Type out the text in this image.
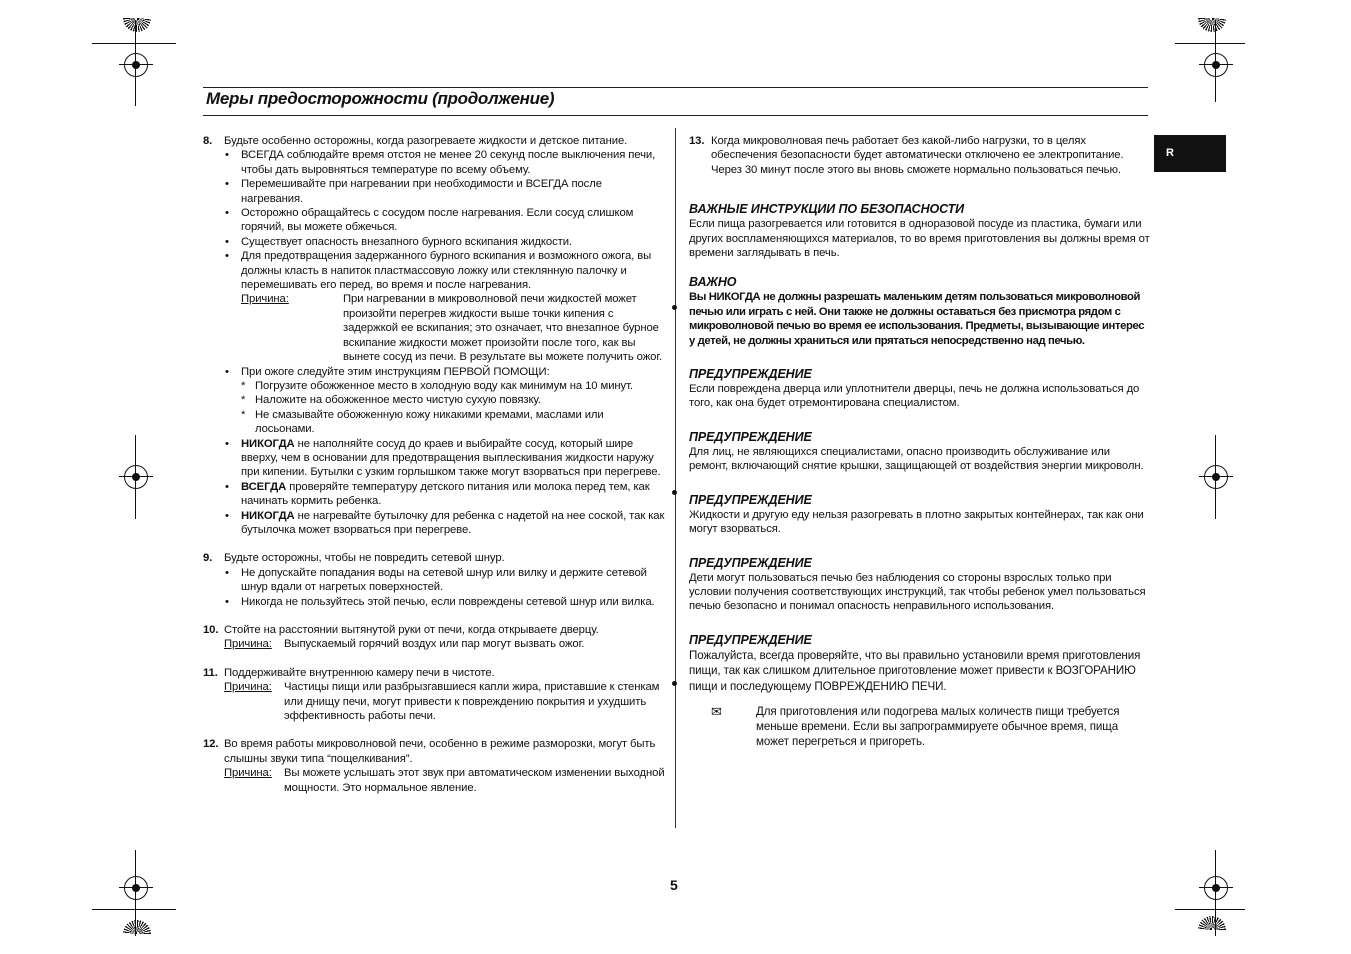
Меры предосторожности (продолжение)
R
8. Будьте особенно осторожны, когда разогреваете жидкости и детское питание.
• ВСЕГДА соблюдайте время отстоя не менее 20 секунд после выключения печи, чтобы дать выровняться температуре по всему объему.
• Перемешивайте при нагревании при необходимости и ВСЕГДА после нагревания.
• Осторожно обращайтесь с сосудом после нагревания. Если сосуд слишком горячий, вы можете обжечься.
• Существует опасность внезапного бурного вскипания жидкости.
• Для предотвращения задержанного бурного вскипания и возможного ожога, вы должны класть в напиток пластмассовую ложку или стеклянную палочку и перемешивать его перед, во время и после нагревания.
Причина:	При нагревании в микроволновой печи жидкостей может произойти перегрев жидкости выше точки кипения с задержкой ее вскипания; это означает, что внезапное бурное вскипание жидкости может произойти после того, как вы вынете сосуд из печи. В результате вы можете получить ожог.
• При ожоге следуйте этим инструкциям ПЕРВОЙ ПОМОЩИ:
* Погрузите обожженное место в холодную воду как минимум на 10 минут.
* Наложите на обожженное место чистую сухую повязку.
* Не смазывайте обожженную кожу никакими кремами, маслами или лосьонами.
• НИКОГДА не наполняйте сосуд до краев и выбирайте сосуд, который шире вверху, чем в основании для предотвращения выплескивания жидкости наружу при кипении. Бутылки с узким горлышком также могут взорваться при перегреве.
• ВСЕГДА проверяйте температуру детского питания или молока перед тем, как начинать кормить ребенка.
• НИКОГДА не нагревайте бутылочку для ребенка с надетой на нее соской, так как бутылочка может взорваться при перегреве.
9. Будьте осторожны, чтобы не повредить сетевой шнур.
• Не допускайте попадания воды на сетевой шнур или вилку и держите сетевой шнур вдали от нагретых поверхностей.
• Никогда не пользуйтесь этой печью, если повреждены сетевой шнур или вилка.
10. Стойте на расстоянии вытянутой руки от печи, когда открываете дверцу.
Причина: Выпускаемый горячий воздух или пар могут вызвать ожог.
11. Поддерживайте внутреннюю камеру печи в чистоте.
Причина: Частицы пищи или разбрызгавшиеся капли жира, приставшие к стенкам или днищу печи, могут привести к повреждению покрытия и ухудшить эффективность работы печи.
12. Во время работы микроволновой печи, особенно в режиме разморозки, могут быть слышны звуки типа “пощелкивания”.
Причина: Вы можете услышать этот звук при автоматическом изменении выходной мощности. Это нормальное явление.
13. Когда микроволновая печь работает без какой-либо нагрузки, то в целях обеспечения безопасности будет автоматически отключено ее электропитание. Через 30 минут после этого вы вновь сможете нормально пользоваться печью.
ВАЖНЫЕ ИНСТРУКЦИИ ПО БЕЗОПАСНОСТИ
Если пища разогревается или готовится в одноразовой посуде из пластика, бумаги или других воспламеняющихся материалов, то во время приготовления вы должны время от времени заглядывать в печь.
ВАЖНО
Вы НИКОГДА не должны разрешать маленьким детям пользоваться микроволновой печью или играть с ней. Они также не должны оставаться без присмотра рядом с микроволновой печью во время ее использования. Предметы, вызывающие интерес у детей, не должны храниться или прятаться непосредственно над печью.
ПРЕДУПРЕЖДЕНИЕ
Если повреждена дверца или уплотнители дверцы, печь не должна использоваться до того, как она будет отремонтирована специалистом.
ПРЕДУПРЕЖДЕНИЕ
Для лиц, не являющихся специалистами, опасно производить обслуживание или ремонт, включающий снятие крышки, защищающей от воздействия энергии микроволн.
ПРЕДУПРЕЖДЕНИЕ
Жидкости и другую еду нельзя разогревать в плотно закрытых контейнерах, так как они могут взорваться.
ПРЕДУПРЕЖДЕНИЕ
Дети могут пользоваться печью без наблюдения со стороны взрослых только при условии получения соответствующих инструкций, так чтобы ребенок умел пользоваться печью безопасно и понимал опасность неправильного использования.
ПРЕДУПРЕЖДЕНИЕ
Пожалуйста, всегда проверяйте, что вы правильно установили время приготовления пищи, так как слишком длительное приготовление может привести к ВОЗГОРАНИЮ пищи и последующему ПОВРЕЖДЕНИЮ ПЕЧИ.
✉	Для приготовления или подогрева малых количеств пищи требуется меньше времени. Если вы запрограммируете обычное время, пища может перегреться и пригореть.
5
